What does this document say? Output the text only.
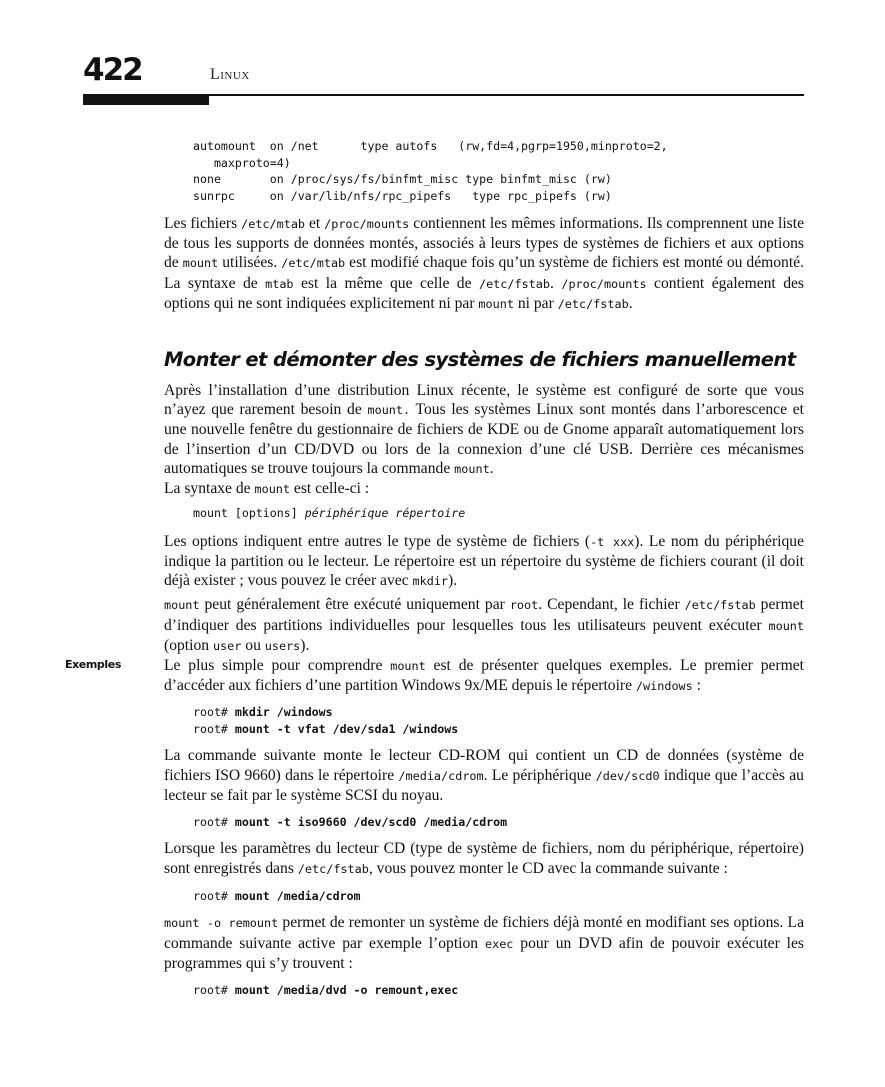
422	Linux
automount  on /net      type autofs   (rw,fd=4,pgrp=1950,minproto=2,
maxproto=4)
none       on /proc/sys/fs/binfmt_misc type binfmt_misc (rw)
sunrpc     on /var/lib/nfs/rpc_pipefs   type rpc_pipefs (rw)

Les fichiers /etc/mtab et /proc/mounts contiennent les mêmes informations. Ils comprennent une liste de tous les supports de données montés, associés à leurs types de systèmes de fichiers et aux options de mount utilisées. /etc/mtab est modifié chaque fois qu’un système de fichiers est monté ou démonté. La syntaxe de mtab est la même que celle de /etc/fstab. /proc/mounts contient également des options qui ne sont indiquées explicitement ni par mount ni par /etc/fstab.

Monter et démonter des systèmes de fichiers manuellement

Après l’installation d’une distribution Linux récente, le système est configuré de sorte que vous n’ayez que rarement besoin de mount. Tous les systèmes Linux sont montés dans l’arborescence et une nouvelle fenêtre du gestionnaire de fichiers de KDE ou de Gnome apparaît automatiquement lors de l’insertion d’un CD/DVD ou lors de la connexion d’une clé USB. Derrière ces mécanismes automatiques se trouve toujours la commande mount.

La syntaxe de mount est celle-ci :

mount [options] périphérique répertoire

Les options indiquent entre autres le type de système de fichiers (-t xxx). Le nom du périphérique indique la partition ou le lecteur. Le répertoire est un répertoire du système de fichiers courant (il doit déjà exister ; vous pouvez le créer avec mkdir).

mount peut généralement être exécuté uniquement par root. Cependant, le fichier /etc/fstab permet d’indiquer des partitions individuelles pour lesquelles tous les utilisateurs peuvent exécuter mount (option user ou users).

Exemples	Le plus simple pour comprendre mount est de présenter quelques exemples. Le premier permet d’accéder aux fichiers d’une partition Windows 9x/ME depuis le répertoire /windows :

root# mkdir /windows
root# mount -t vfat /dev/sda1 /windows

La commande suivante monte le lecteur CD-ROM qui contient un CD de données (système de fichiers ISO 9660) dans le répertoire /media/cdrom. Le périphérique /dev/scd0 indique que l’accès au lecteur se fait par le système SCSI du noyau.

root# mount -t iso9660 /dev/scd0 /media/cdrom

Lorsque les paramètres du lecteur CD (type de système de fichiers, nom du périphérique, répertoire) sont enregistrés dans /etc/fstab, vous pouvez monter le CD avec la commande suivante :

root# mount /media/cdrom

mount -o remount permet de remonter un système de fichiers déjà monté en modifiant ses options. La commande suivante active par exemple l’option exec pour un DVD afin de pouvoir exécuter les programmes qui s’y trouvent :

root# mount /media/dvd -o remount,exec
